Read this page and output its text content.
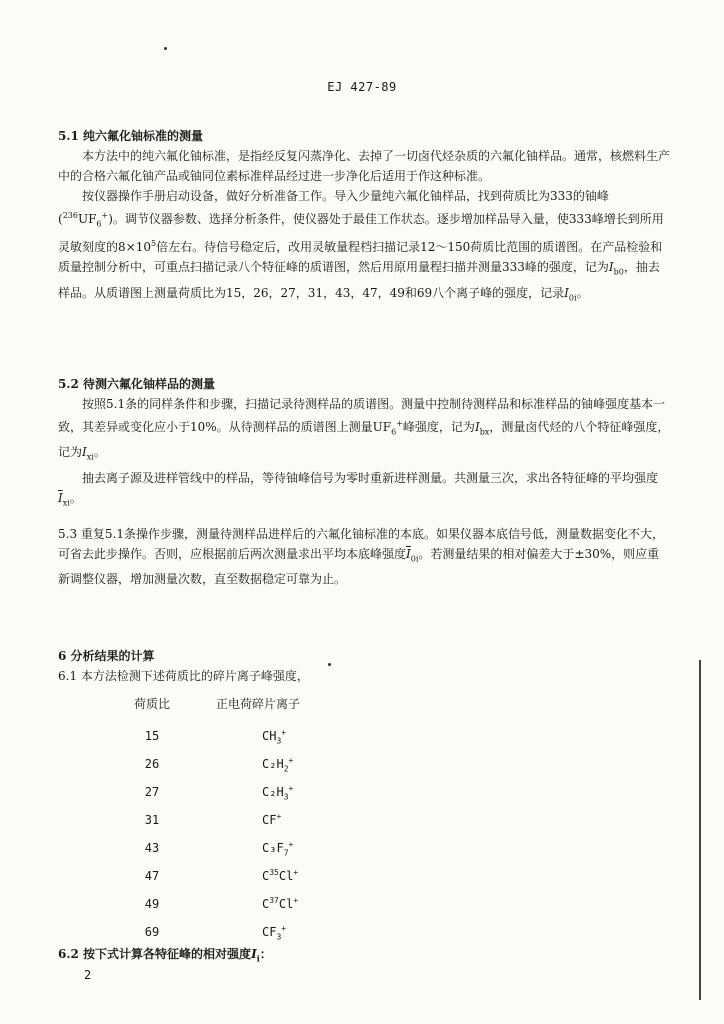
EJ 427-89
5.1 纯六氟化铀标准的测量

本方法中的纯六氟化铀标准，是指经反复闪蒸净化、去掉了一切卤代烃杂质的六氟化铀样品。通常，核燃料生产中的合格六氟化铀产品或铀同位素标准样品经过进一步净化后适用于作这种标准。

按仪器操作手册启动设备，做好分析准备工作。导入少量纯六氟化铀样品，找到荷质比为333的铀峰$(^{236}UF_6^+)$。调节仪器参数、选择分析条件，使仪器处于最佳工作状态。逐步增加样品导入量，使333峰增长到所用灵敏刻度的$8\times 10^5$倍左右。待信号稳定后，改用灵敏量程档扫描记录12～150荷质比范围的质谱图。在产品检验和质量控制分析中，可重点扫描记录八个特征峰的质谱图，然后用原用量程扫描并测量333峰的强度，记为$I_{b0}$，抽去样品。从质谱图上测量荷质比为15，26，27，31，43，47，49和69八个离子峰的强度，记录$I_{0i}$。

5.2 待测六氟化铀样品的测量

按照5.1条的同样条件和步骤，扫描记录待测样品的质谱图。测量中控制待测样品和标准样品的铀峰强度基本一致，其差异或变化应小于10%。从待测样品的质谱图上测量$UF_6^+$峰强度，记为$I_{bx}$，测量卤代烃的八个特征峰强度，记为$I_{xi}$。

抽去离子源及进样管线中的样品，等待铀峰信号为零时重新进样测量。共测量三次，求出各特征峰的平均强度$\overline{I}_{xi}$。

5.3 重复5.1条操作步骤，测量待测样品进样后的六氟化铀标准的本底。如果仪器本底信号低，测量数据变化不大，可省去此步操作。否则，应根据前后两次测量求出平均本底峰强度$\overline{I}_{0i}$。若测量结果的相对偏差大于±30%，则应重新调整仪器，增加测量次数，直至数据稳定可靠为止。

6 分析结果的计算
6.1 本方法检测下述荷质比的碎片离子峰强度，
荷质比	正电荷碎片离子
15	$CH_3^+$
26	$C_2H_2^+$
27	$C_2H_3^+$
31	CF+
43	$C_3F_7^+$
47	$C^{35}Cl^+$
49	$C^{37}Cl^+$
69	$CF_3^+$
6.2 按下式计算各特征峰的相对强度$I_i$：
2
